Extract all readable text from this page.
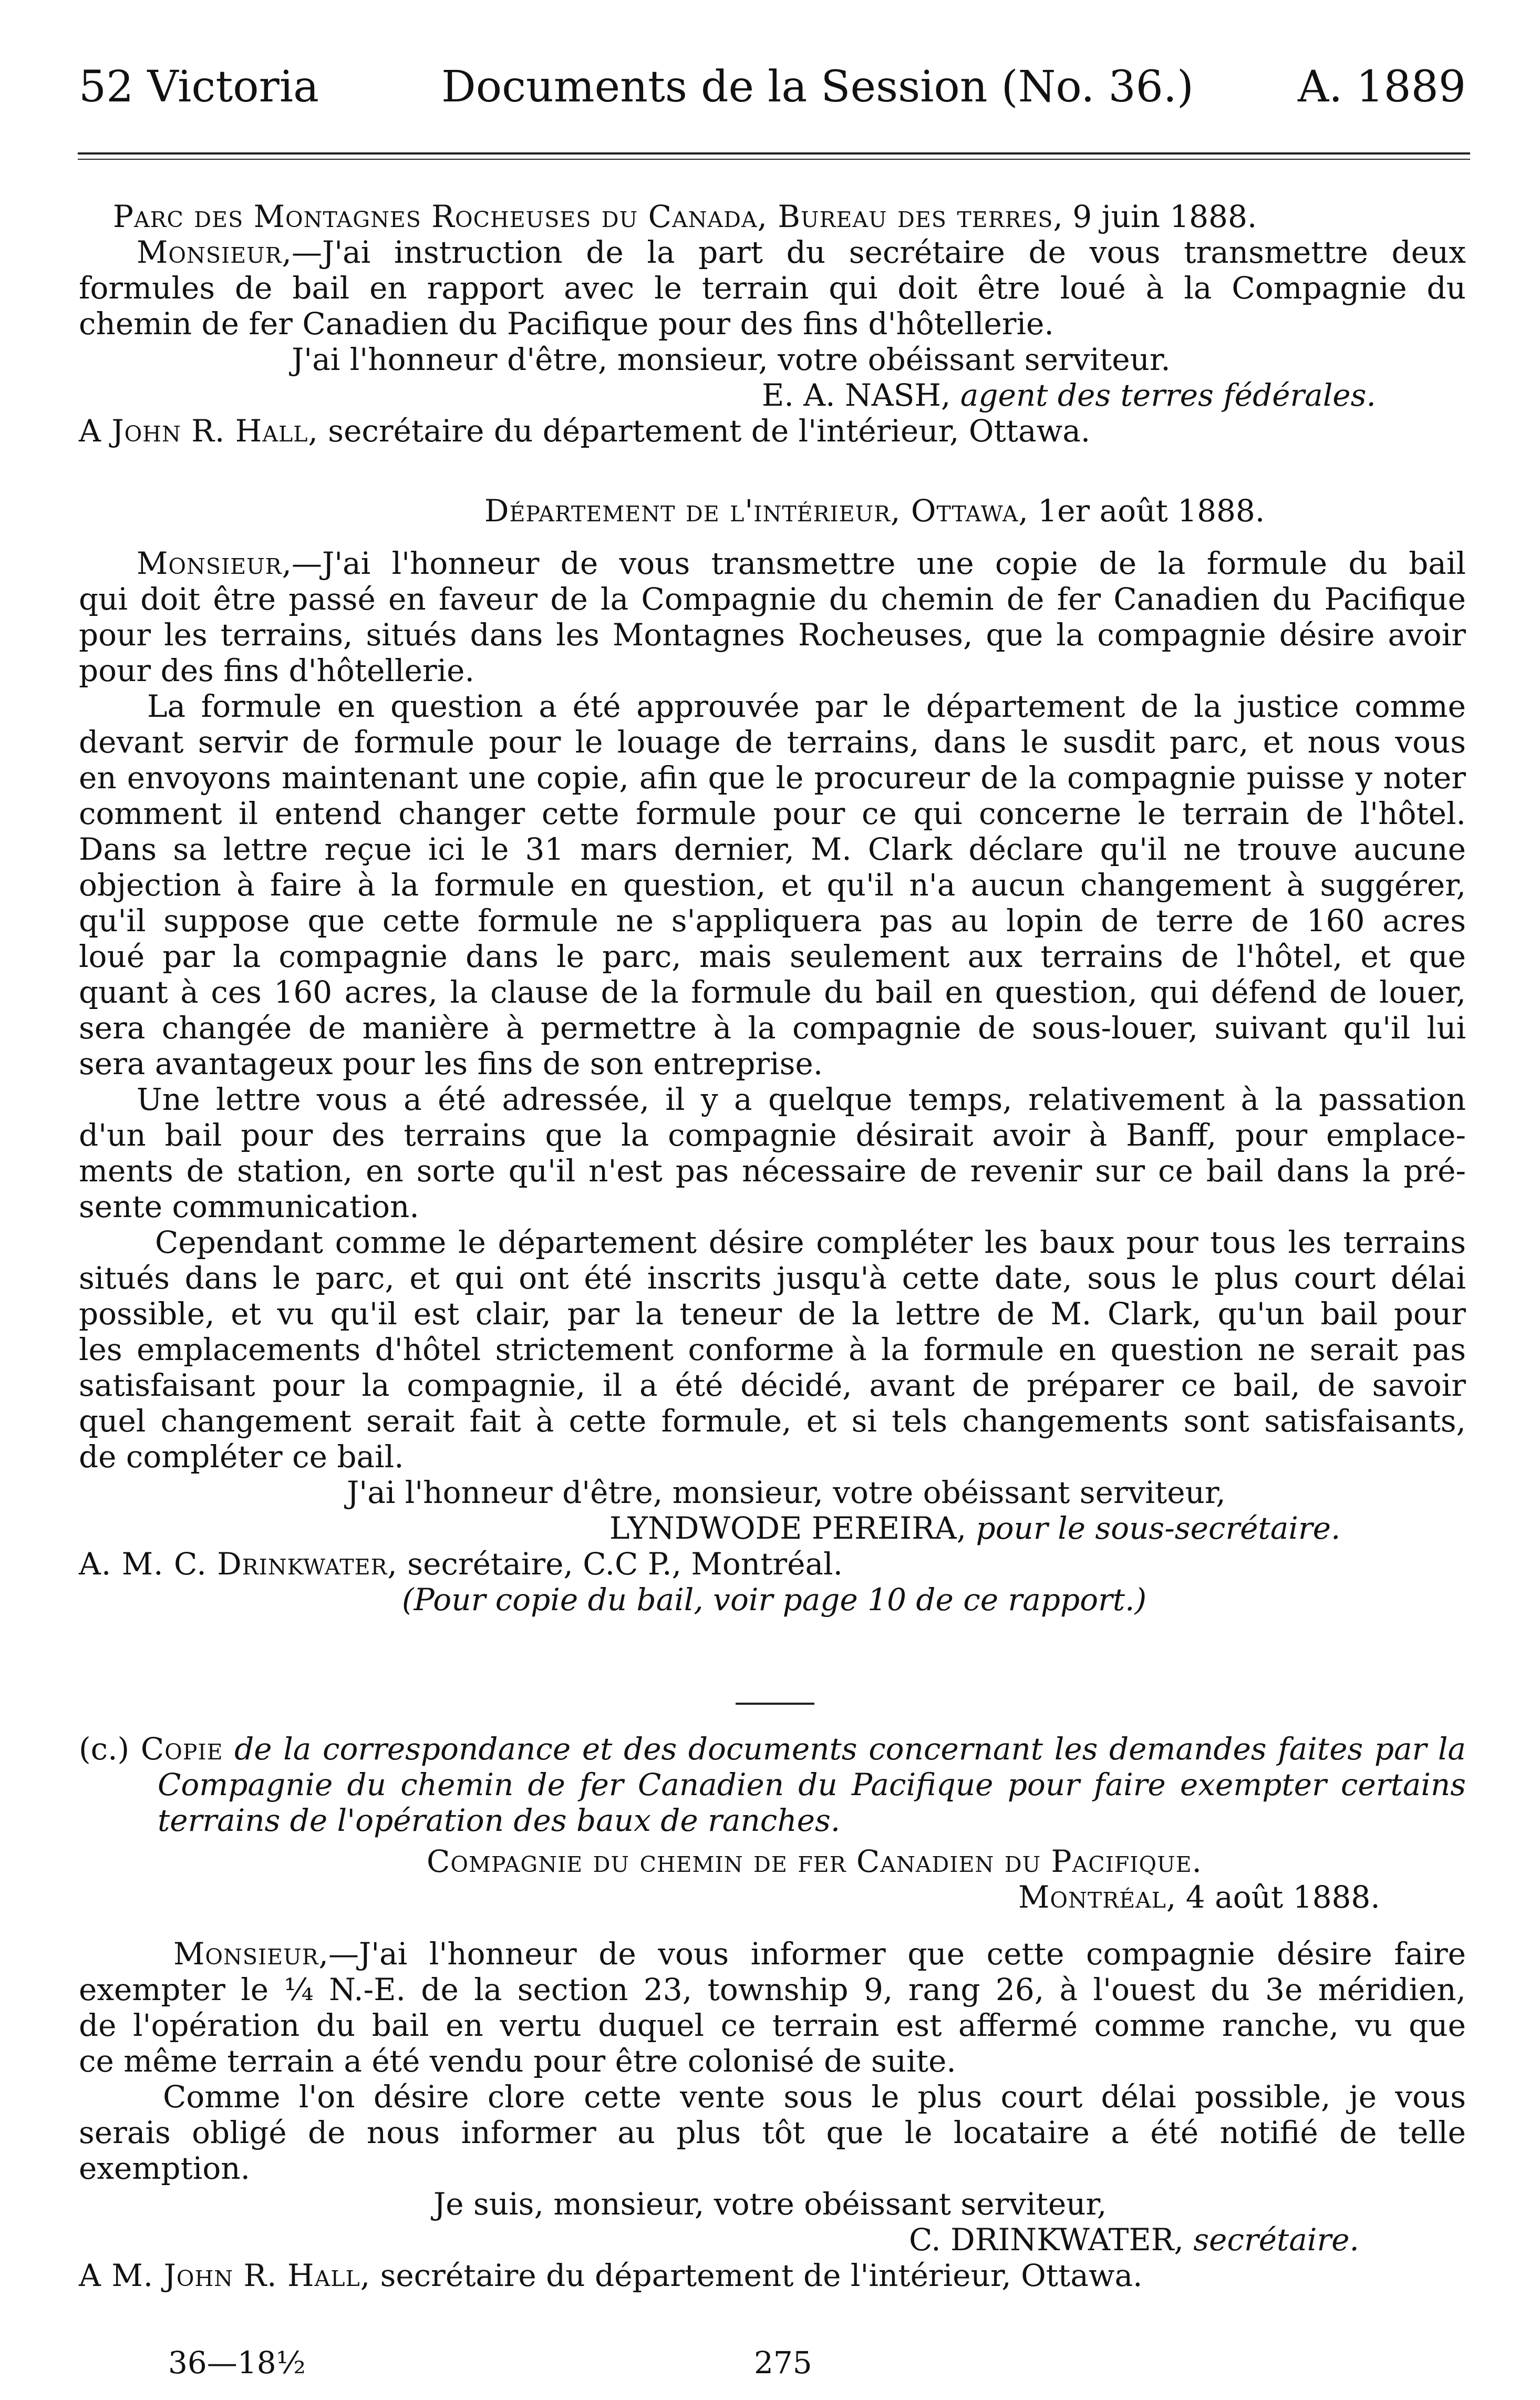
52 Victoria	Documents de la Session (No. 36.) A. 1889
Parc des Montagnes Rocheuses du Canada, Bureau des terres, 9 juin 1888.
Monsieur,—J'ai instruction de la part du secrétaire de vous transmettre deux
formules de bail en rapport avec le terrain qui doit être loué à la Compagnie du
chemin de fer Canadien du Pacifique pour des fins d'hôtellerie.
J'ai l'honneur d'être, monsieur, votre obéissant serviteur.
E. A. NASH, agent des terres fédérales.
A John R. Hall, secrétaire du département de l'intérieur, Ottawa.
Département de l'intérieur, Ottawa, 1er août 1888.
Monsieur,—J'ai l'honneur de vous transmettre une copie de la formule du bail
qui doit être passé en faveur de la Compagnie du chemin de fer Canadien du Pacifique
pour les terrains, situés dans les Montagnes Rocheuses, que la compagnie désire avoir
pour des fins d'hôtellerie.
La formule en question a été approuvée par le département de la justice comme
devant servir de formule pour le louage de terrains, dans le susdit parc, et nous vous
en envoyons maintenant une copie, afin que le procureur de la compagnie puisse y noter
comment il entend changer cette formule pour ce qui concerne le terrain de l'hôtel.
Dans sa lettre reçue ici le 31 mars dernier, M. Clark déclare qu'il ne trouve aucune
objection à faire à la formule en question, et qu'il n'a aucun changement à suggérer,
qu'il suppose que cette formule ne s'appliquera pas au lopin de terre de 160 acres
loué par la compagnie dans le parc, mais seulement aux terrains de l'hôtel, et que
quant à ces 160 acres, la clause de la formule du bail en question, qui défend de louer,
sera changée de manière à permettre à la compagnie de sous-louer, suivant qu'il lui
sera avantageux pour les fins de son entreprise.
Une lettre vous a été adressée, il y a quelque temps, relativement à la passation
d'un bail pour des terrains que la compagnie désirait avoir à Banff, pour emplace-
ments de station, en sorte qu'il n'est pas nécessaire de revenir sur ce bail dans la pré-
sente communication.
Cependant comme le département désire compléter les baux pour tous les terrains
situés dans le parc, et qui ont été inscrits jusqu'à cette date, sous le plus court délai
possible, et vu qu'il est clair, par la teneur de la lettre de M. Clark, qu'un bail pour
les emplacements d'hôtel strictement conforme à la formule en question ne serait pas
satisfaisant pour la compagnie, il a été décidé, avant de préparer ce bail, de savoir
quel changement serait fait à cette formule, et si tels changements sont satisfaisants,
de compléter ce bail.
J'ai l'honneur d'être, monsieur, votre obéissant serviteur,
LYNDWODE PEREIRA, pour le sous-secrétaire.
A. M. C. Drinkwater, secrétaire, C.C P., Montréal.
(Pour copie du bail, voir page 10 de ce rapport.)
(c.) Copie de la correspondance et des documents concernant les demandes faites par la
Compagnie du chemin de fer Canadien du Pacifique pour faire exempter certains
terrains de l'opération des baux de ranches.
Compagnie du chemin de fer Canadien du Pacifique.
Montréal, 4 août 1888.
Monsieur,—J'ai l'honneur de vous informer que cette compagnie désire faire
exempter le ¼ N.-E. de la section 23, township 9, rang 26, à l'ouest du 3e méridien,
de l'opération du bail en vertu duquel ce terrain est affermé comme ranche, vu que
ce même terrain a été vendu pour être colonisé de suite.
Comme l'on désire clore cette vente sous le plus court délai possible, je vous
serais obligé de nous informer au plus tôt que le locataire a été notifié de telle
exemption.
Je suis, monsieur, votre obéissant serviteur,
C. DRINKWATER, secrétaire.
A M. John R. Hall, secrétaire du département de l'intérieur, Ottawa.
36—18½	275
